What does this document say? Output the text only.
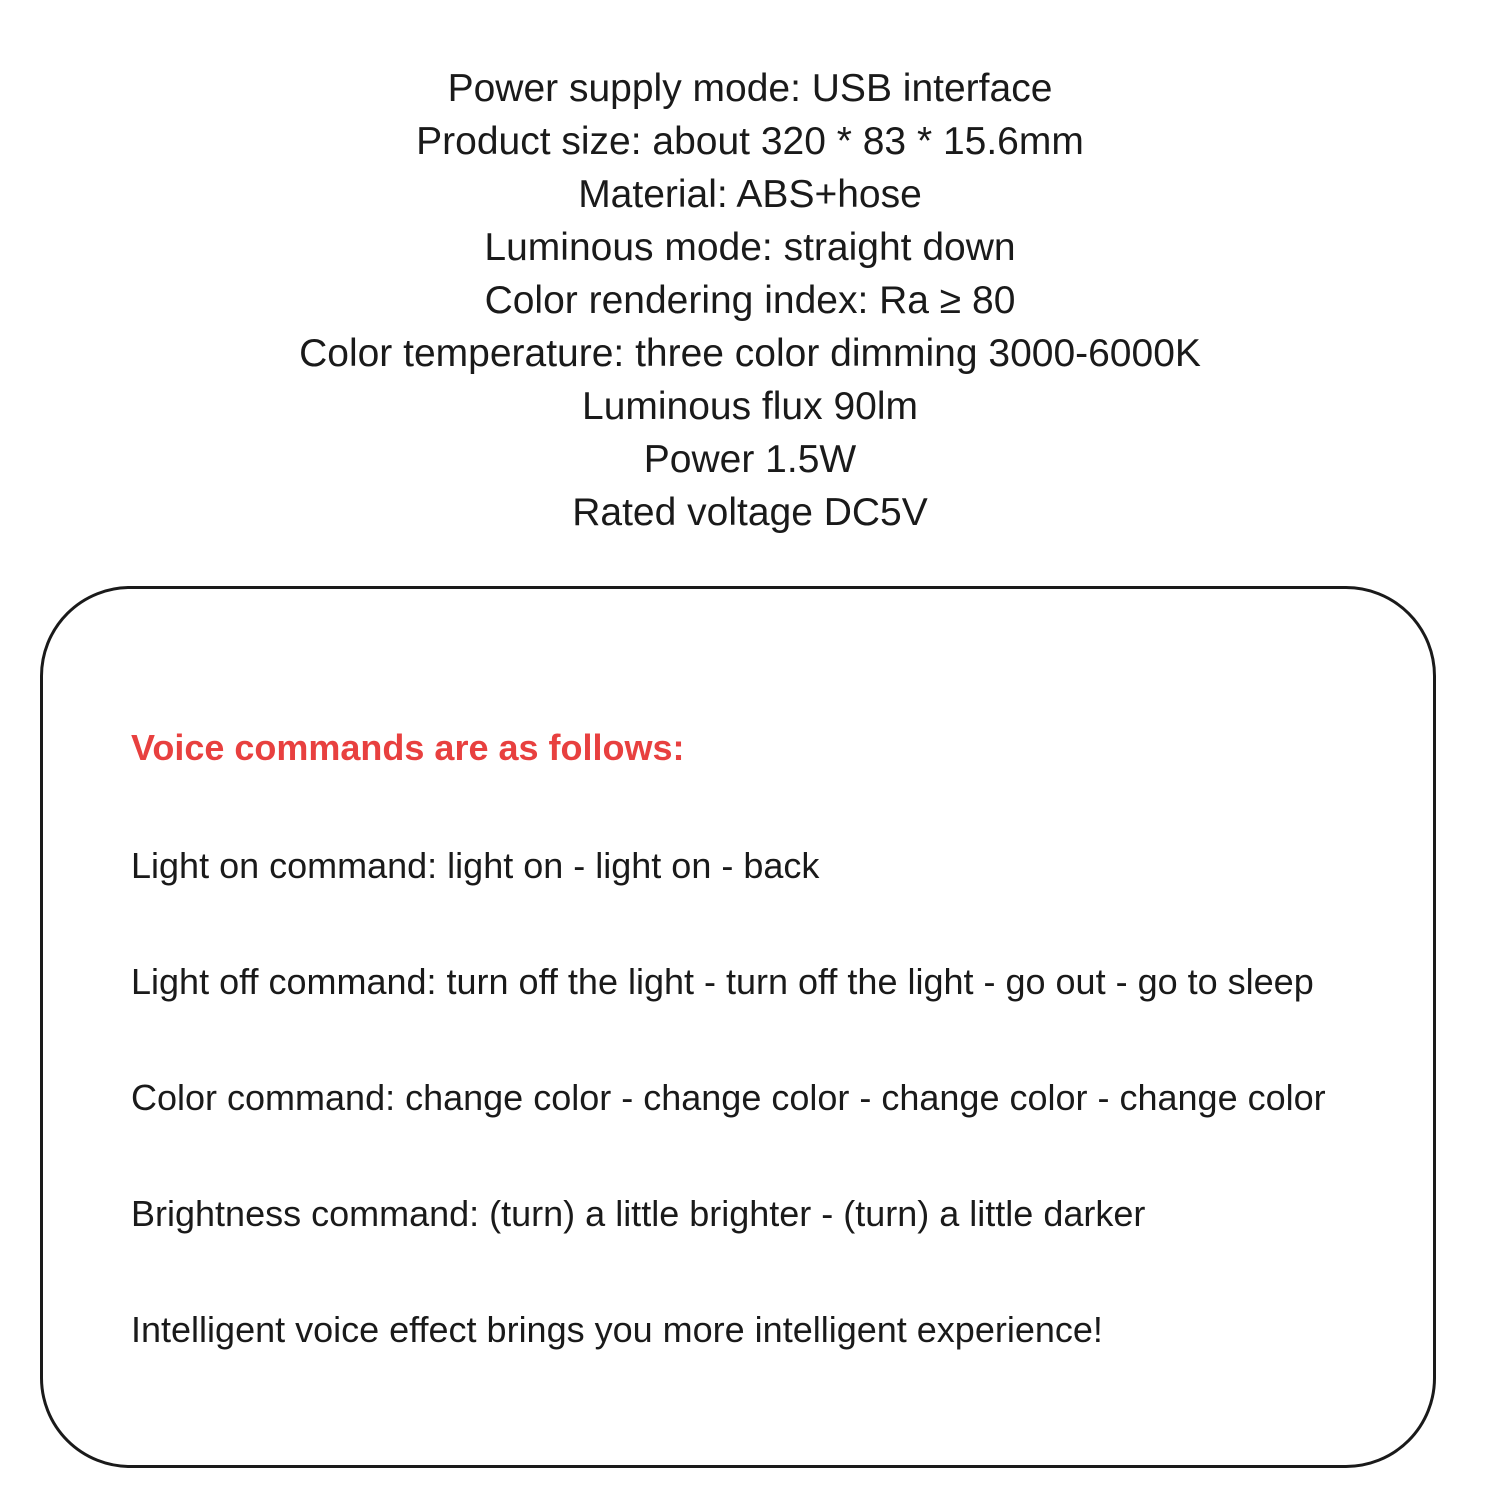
Power supply mode: USB interface
Product size: about 320 * 83 * 15.6mm
Material: ABS+hose
Luminous mode: straight down
Color rendering index: Ra ≥ 80
Color temperature: three color dimming 3000-6000K
Luminous flux 90lm
Power 1.5W
Rated voltage DC5V
Voice commands are as follows:
Light on command: light on - light on - back
Light off command: turn off the light - turn off the light - go out - go to sleep
Color command: change color - change color - change color - change color
Brightness command: (turn) a little brighter - (turn) a little darker
Intelligent voice effect brings you more intelligent experience!
